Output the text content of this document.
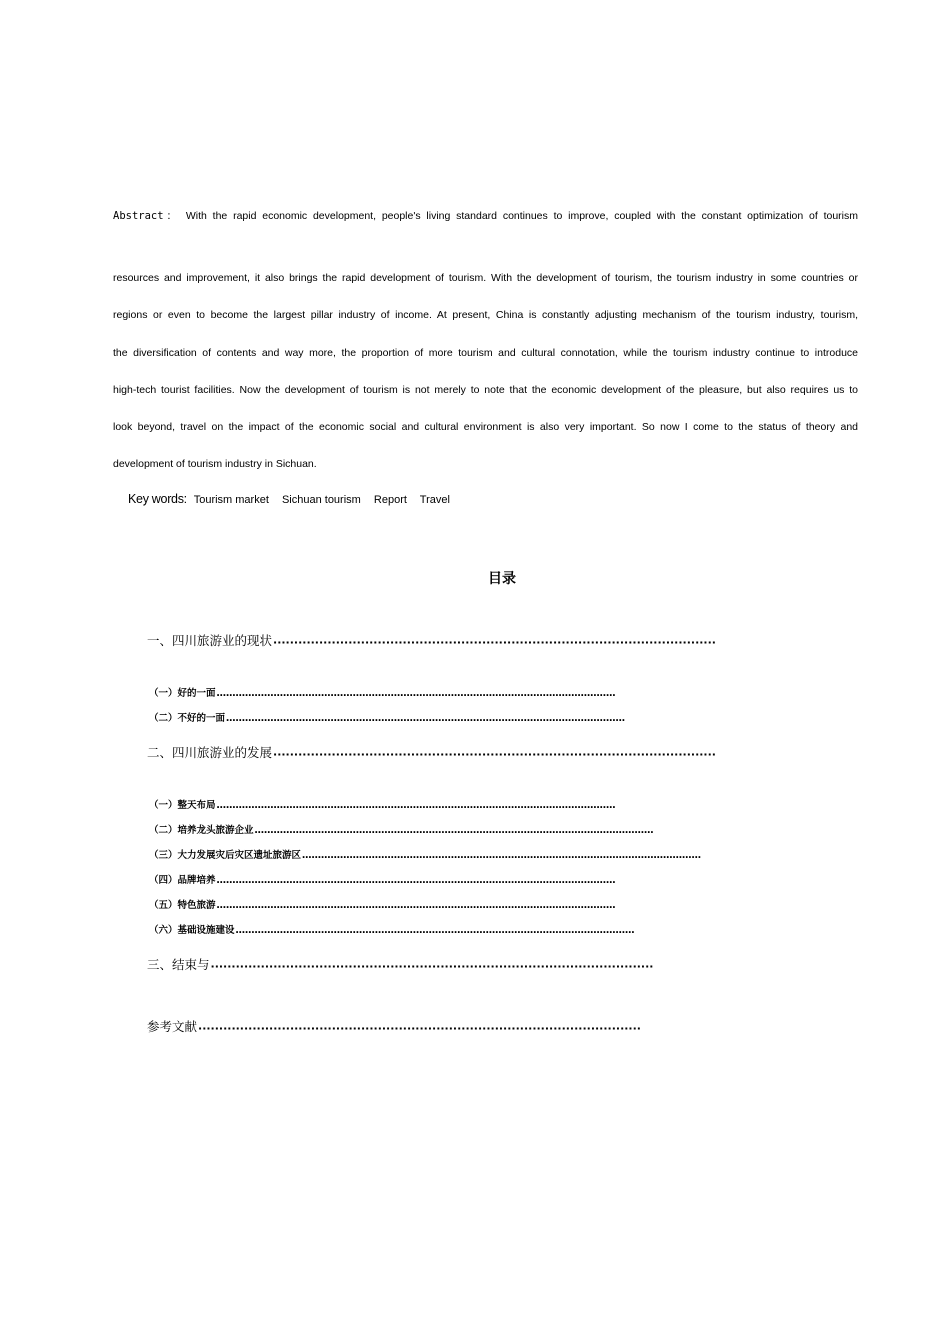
Abstract： With the rapid economic development, people's living standard continues to improve, coupled with the constant optimization of tourism
resources and improvement, it also brings the rapid development of tourism. With the development of tourism, the tourism industry in some countries or
regions or even to become the largest pillar industry of income. At present, China is constantly adjusting mechanism of the tourism industry, tourism,
the diversification of contents and way more, the proportion of more tourism and cultural connotation, while the tourism industry continue to introduce
high-tech tourist facilities. Now the development of tourism is not merely to note that the economic development of the pleasure, but also requires us to
look beyond, travel on the impact of the economic social and cultural environment is also very important. So now I come to the status of theory and
development of tourism industry in Sichuan.
Key words: Tourism market Sichuan tourism Report Travel
目录
一、四川旅游业的现状 ··········································································································
（一）好的一面 ………………………………………………………………………………………………………………
（二）不好的一面 ………………………………………………………………………………………………………………
二、四川旅游业的发展 ··········································································································
（一）整天布局 ………………………………………………………………………………………………………………
（二）培养龙头旅游企业 ………………………………………………………………………………………………………………
（三）大力发展灾后灾区遗址旅游区 ………………………………………………………………………………………………………………
（四）品牌培养 ………………………………………………………………………………………………………………
（五）特色旅游 ………………………………………………………………………………………………………………
（六）基础设施建设 ………………………………………………………………………………………………………………
三、结束与 ··········································································································
参考文献 ··········································································································
